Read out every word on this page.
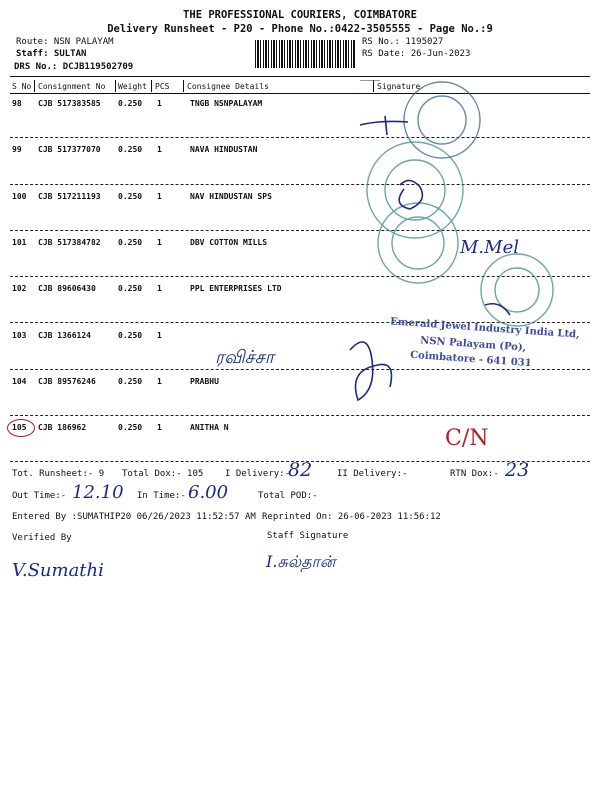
THE PROFESSIONAL COURIERS, COIMBATORE
Delivery Runsheet - P20 - Phone No.:0422-3505555 - Page No.:9
Route: NSN PALAYAM
Staff: SULTAN
RS No.: 1195027
RS Date: 26-Jun-2023
DRS No.: DCJB119502709
S No Consignment No Weight PCS Consignee Details	Signature
98 CJB 517383585 0.250 1	TNGB NSNPALAYAM
99 CJB 517377070 0.250 1	NAVA HINDUSTAN
100 CJB 517211193 0.250 1	NAV HINDUSTAN SPS
101 CJB 517384782 0.250 1	DBV COTTON MILLS
102 CJB 89606430	0.250 1	PPL ENTERPRISES LTD
103 CJB 1366124	0.250 1
104 CJB 89576246	0.250 1	PRABHU
105 CJB 186962	0.250 1	ANITHA N
M.Mel
Emerald Jewel Industry India Ltd,
NSN Palayam (Po),
Coimbatore - 641 031
ரவிச்சா
C/N
Tot. Runsheet:- 9 Total Dox:- 105 I Delivery:-
82	II Delivery:-	RTN Dox:- 23
Out Time:- 12.10 In Time:- 6.00	Total POD:-
Entered By :SUMATHIP20 06/26/2023 11:52:57 AM Reprinted On: 26-06-2023 11:56:12
Verified By	Staff Signature
V.Sumathi	I.சுல்தான்
